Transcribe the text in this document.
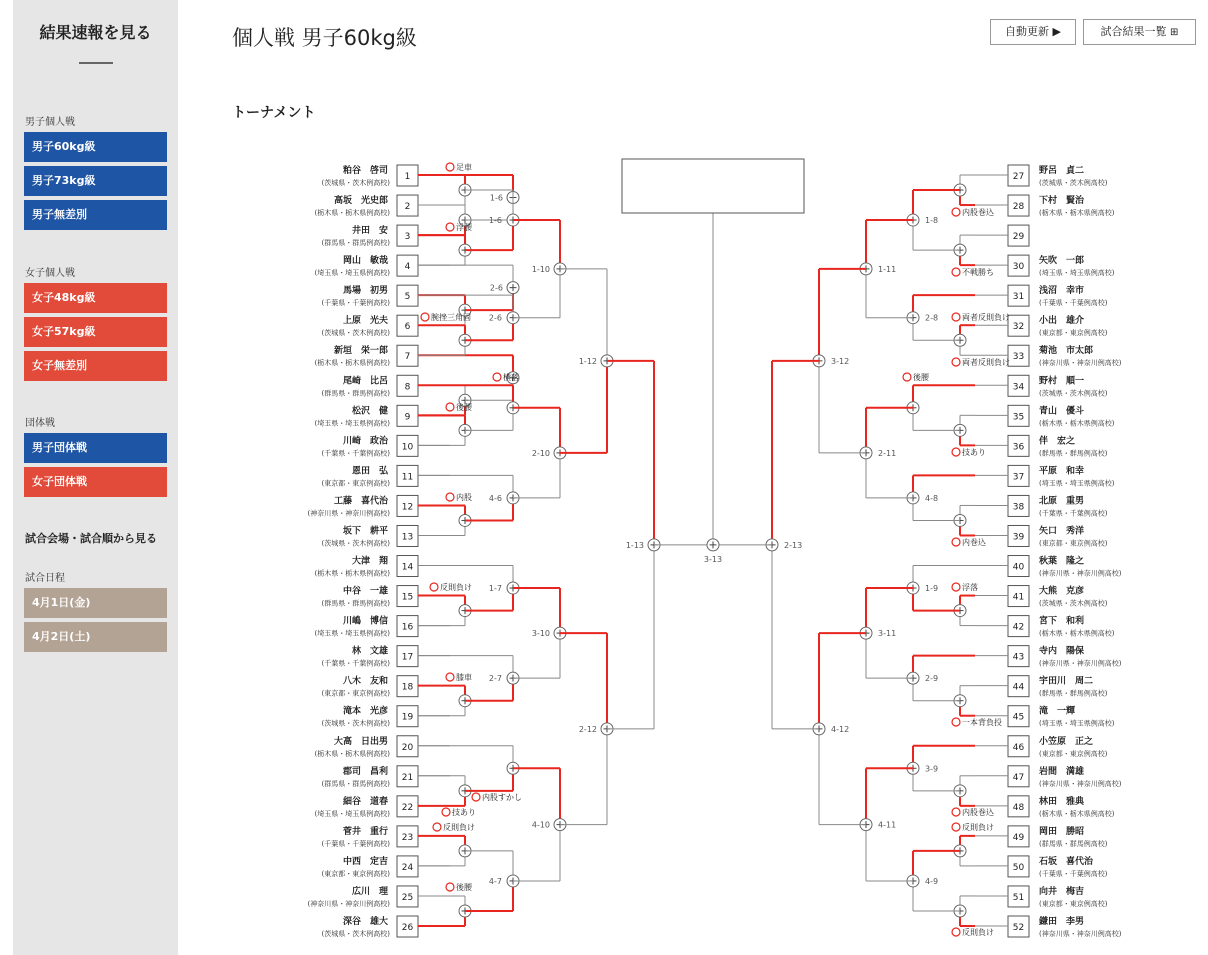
結果速報を見る
男子個人戦
男子60kg級
男子73kg級
男子無差別
女子個人戦
女子48kg級
女子57kg級
女子無差別
団体戦
男子団体戦
女子団体戦
試合会場・試合順から見る
試合日程
4月1日(金)
4月2日(土)
個人戦 男子60kg級	自動更新 ▶	試合結果一覧 ⊞
トーナメント
1
粕谷　啓司
(茨城県・茨木例高校)
2
高坂　光史郎
(栃木県・栃木県例高校)
3
井田　安
(群馬県・群馬例高校)
4
岡山　敏哉
(埼玉県・埼玉県例高校)
5
馬場　初男
(千葉県・千葉例高校)
6
上原　光夫
(茨城県・茨木例高校)
7
新垣　栄一郎
(栃木県・栃木県例高校)
8
尾崎　比呂
(群馬県・群馬例高校)
9
松沢　健
(埼玉県・埼玉県例高校)
10
川崎　政治
(千葉県・千葉例高校)
11
恩田　弘
(東京都・東京例高校)
12
工藤　喜代治
(神奈川県・神奈川例高校)
13
坂下　耕平
(茨城県・茨木例高校)
14
大津　翔
(栃木県・栃木県例高校)
15
中谷　一雄
(群馬県・群馬例高校)
16
川嶋　博信
(埼玉県・埼玉県例高校)
17
林　文雄
(千葉県・千葉例高校)
18
八木　友和
(東京都・東京例高校)
19
滝本　光彦
(茨城県・茨木例高校)
20
大高　日出男
(栃木県・栃木県例高校)
21
郡司　昌利
(群馬県・群馬例高校)
22
細谷　道春
(埼玉県・埼玉県例高校)
23
菅井　重行
(千葉県・千葉例高校)
24
中西　定吉
(東京都・東京例高校)
25
広川　理
(神奈川県・神奈川例高校)
26
深谷　雄大
(茨城県・茨木例高校)
27
野呂　貞二
(茨城県・茨木例高校)
28
下村　賢治
(栃木県・栃木県例高校)
29
30
矢吹　一郎
(埼玉県・埼玉県例高校)
31
浅沼　幸市
(千葉県・千葉例高校)
32
小出　雄介
(東京都・東京例高校)
33
菊池　市太郎
(神奈川県・神奈川例高校)
34
野村　順一
(茨城県・茨木例高校)
35
青山　優斗
(栃木県・栃木県例高校)
36
伴　宏之
(群馬県・群馬例高校)
37
平原　和幸
(埼玉県・埼玉県例高校)
38
北原　重男
(千葉県・千葉例高校)
39
矢口　秀洋
(東京都・東京例高校)
40
秋葉　隆之
(神奈川県・神奈川例高校)
41
大熊　克彦
(茨城県・茨木例高校)
42
宮下　和利
(栃木県・栃木県例高校)
43
寺内　陽保
(神奈川県・神奈川例高校)
44
宇田川　周二
(群馬県・群馬例高校)
45
滝　一輝
(埼玉県・埼玉県例高校)
46
小笠原　正之
(東京都・東京例高校)
47
岩間　満雄
(神奈川県・神奈川例高校)
48
林田　雅典
(栃木県・栃木県例高校)
49
岡田　勝昭
(群馬県・群馬例高校)
50
石坂　喜代治
(千葉県・千葉例高校)
51
向井　梅吉
(東京都・東京例高校)
52
鎌田　李男
(神奈川県・神奈川例高校)
1-6
2-6
1-6
2-6
1-10
4-6
2-10
1-12
1-7
2-7
3-10
4-7
4-10
2-12
1-13
1-8
2-8
1-11
4-8
2-11
3-12
1-9
2-9
3-11
3-9
4-9
4-11
4-12
2-13
3-13
足車
浮腰
腕挫三角固
横落
後腰
内股
反則負け
膝車
内股すかし
技あり
反則負け
後腰
内股巻込
不戦勝ち
両者反則負け
両者反則負け
後腰
技あり
内巻込
浮落
一本背負投
内股巻込
反則負け
反則負け
